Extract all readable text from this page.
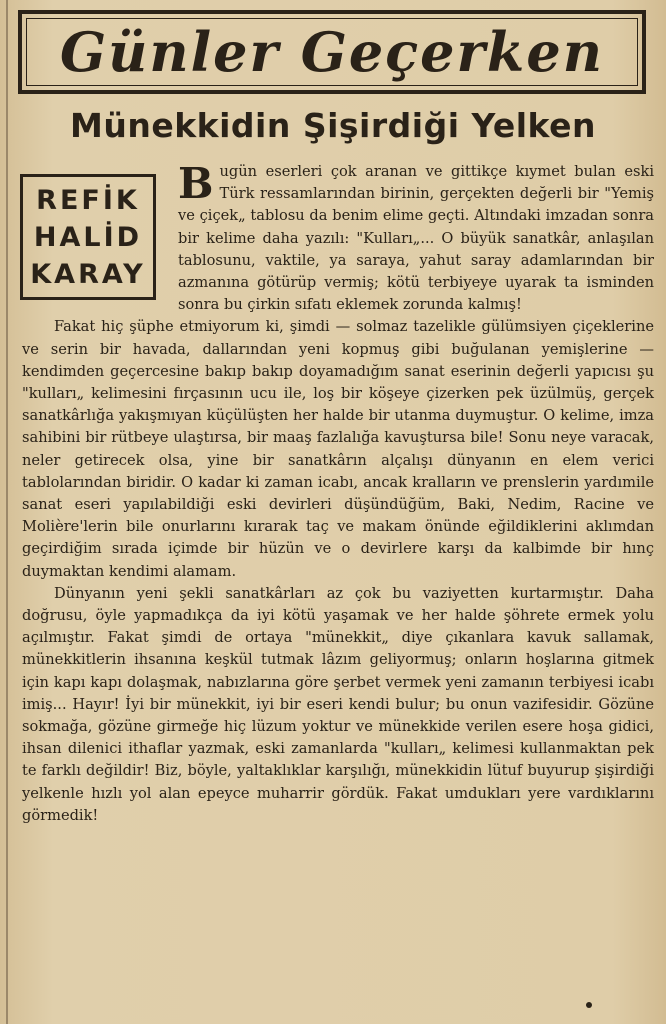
Günler Geçerken
Münekkidin Şişirdiği Yelken
REFİK
HALİD
KARAY

Bugün eserleri çok aranan ve gittikçe kıymet bulan eski Türk ressamlarından birinin, gerçekten değerli bir "Yemiş ve çiçek„ tablosu da benim elime geçti. Altındaki imzadan sonra bir kelime daha yazılı: "Kulları„... O büyük sanatkâr, anlaşılan tablosunu, vaktile, ya saraya, yahut saray adamlarından bir azmanına götürüp vermiş; kötü terbiyeye uyarak ta isminden sonra bu çirkin sıfatı eklemek zorunda kalmış!

Fakat hiç şüphe etmiyorum ki, şimdi — solmaz tazelikle gülümsiyen çiçeklerine ve serin bir havada, dallarından yeni kopmuş gibi buğulanan yemişlerine — kendimden geçercesine bakıp bakıp doyamadığım sanat eserinin değerli yapıcısı şu "kulları„ kelimesini fırçasının ucu ile, loş bir köşeye çizerken pek üzülmüş, gerçek sanatkârlığa yakışmıyan küçülüşten her halde bir utanma duymuştur. O kelime, imza sahibini bir rütbeye ulaştırsa, bir maaş fazlalığa kavuştursa bile! Sonu neye varacak, neler getirecek olsa, yine bir sanatkârın alçalışı dünyanın en elem verici tablolarından biridir. O kadar ki zaman icabı, ancak kralların ve prenslerin yardımile sanat eseri yapılabildiği eski devirleri düşündüğüm, Baki, Nedim, Racine ve Molière'lerin bile onurlarını kırarak taç ve makam önünde eğildiklerini aklımdan geçirdiğim sırada içimde bir hüzün ve o devirlere karşı da kalbimde bir hınç duymaktan kendimi alamam.

Dünyanın yeni şekli sanatkârları az çok bu vaziyetten kurtarmıştır. Daha doğrusu, öyle yapmadıkça da iyi kötü yaşamak ve her halde şöhrete ermek yolu açılmıştır. Fakat şimdi de ortaya "münekkit„ diye çıkanlara kavuk sallamak, münekkitlerin ihsanına keşkül tutmak lâzım geliyormuş; onların hoşlarına gitmek için kapı kapı dolaşmak, nabızlarına göre şerbet vermek yeni zamanın terbiyesi icabı imiş... Hayır! İyi bir münekkit, iyi bir eseri kendi bulur; bu onun vazifesidir. Gözüne sokmağa, gözüne girmeğe hiç lüzum yoktur ve münekkide verilen esere hoşa gidici, ihsan dilenici ithaflar yazmak, eski zamanlarda "kulları„ kelimesi kullanmaktan pek te farklı değildir! Biz, böyle, yaltaklıklar karşılığı, münekkidin lütuf buyurup şişirdiği yelkenle hızlı yol alan epeyce muharrir gördük. Fakat umdukları yere vardıklarını görmedik!
